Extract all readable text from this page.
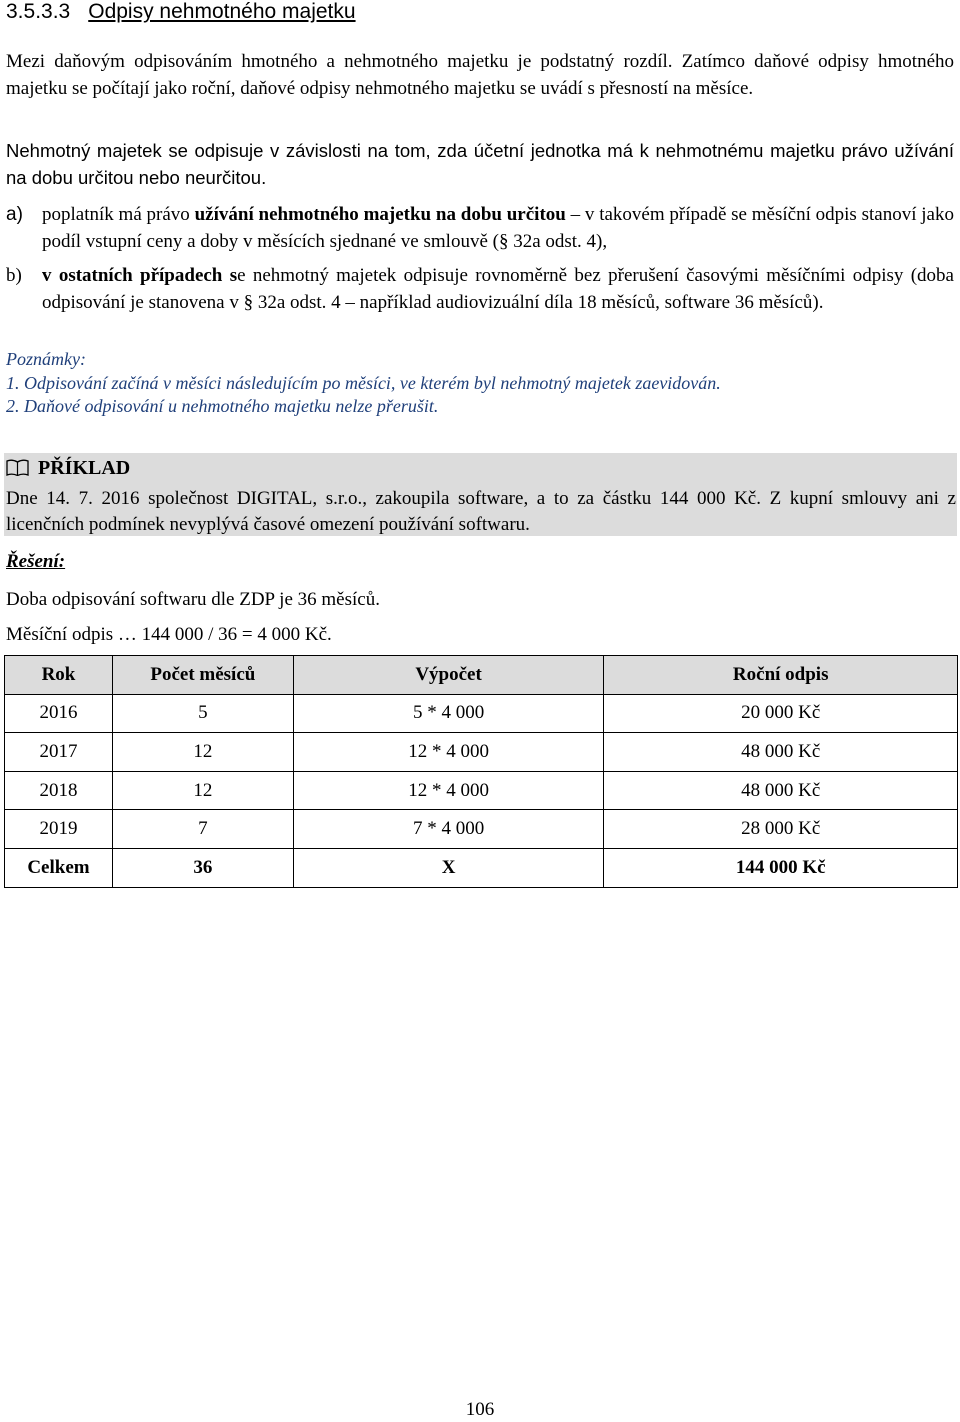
3.5.3.3 Odpisy nehmotného majetku
Mezi daňovým odpisováním hmotného a nehmotného majetku je podstatný rozdíl. Zatímco daňové odpisy hmotného majetku se počítají jako roční, daňové odpisy nehmotného majetku se uvádí s přesností na měsíce.
Nehmotný majetek se odpisuje v závislosti na tom, zda účetní jednotka má k nehmotnému majetku právo užívání na dobu určitou nebo neurčitou.
a) poplatník má právo užívání nehmotného majetku na dobu určitou – v takovém případě se měsíční odpis stanoví jako podíl vstupní ceny a doby v měsících sjednané ve smlouvě (§ 32a odst. 4),
b) v ostatních případech se nehmotný majetek odpisuje rovnoměrně bez přerušení časovými měsíčními odpisy (doba odpisování je stanovena v § 32a odst. 4 – například audiovizuální díla 18 měsíců, software 36 měsíců).
Poznámky:
1. Odpisování začíná v měsíci následujícím po měsíci, ve kterém byl nehmotný majetek zaevidován.
2. Daňové odpisování u nehmotného majetku nelze přerušit.
PŘÍKLAD
Dne 14. 7. 2016 společnost DIGITAL, s.r.o., zakoupila software, a to za částku 144 000 Kč. Z kupní smlouvy ani z licenčních podmínek nevyplývá časové omezení používání softwaru.
Řešení:
Doba odpisování softwaru dle ZDP je 36 měsíců.
Měsíční odpis … 144 000 / 36 = 4 000 Kč.
Rok	Počet měsíců	Výpočet	Roční odpis
2016	5	5 * 4 000	20 000 Kč
2017	12	12 * 4 000	48 000 Kč
2018	12	12 * 4 000	48 000 Kč
2019	7	7 * 4 000	28 000 Kč
Celkem	36	X	144 000 Kč
106
